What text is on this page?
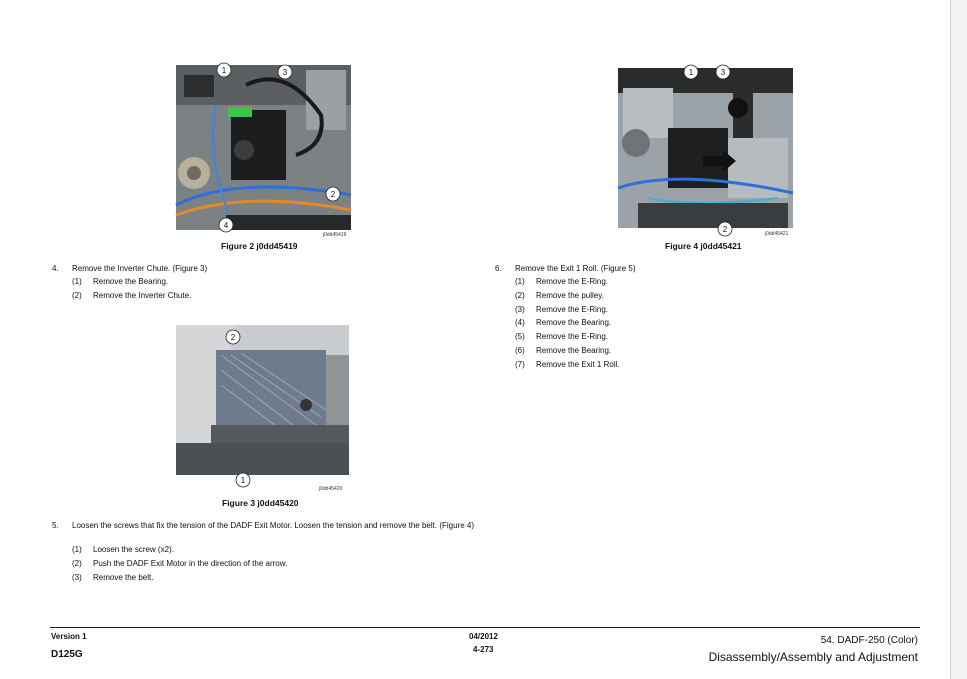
1	3
2
4
j0dd45419
Figure 2 j0dd45419
2
1
j0dd45420
Figure 3 j0dd45420
1	3
2	j0dd45421
Figure 4 j0dd45421
4. Remove the Inverter Chute. (Figure 3)
(1) Remove the Bearing.
(2) Remove the Inverter Chute.
5. Loosen the screws that fix the tension of the DADF Exit Motor. Loosen the tension and remove the belt. (Figure 4)
(1) Loosen the screw (x2).
(2) Push the DADF Exit Motor in the direction of the arrow.
(3) Remove the belt.
6. Remove the Exit 1 Roll. (Figure 5)
(1) Remove the E-Ring.
(2) Remove the pulley.
(3) Remove the E-Ring.
(4) Remove the Bearing.
(5) Remove the E-Ring.
(6) Remove the Bearing.
(7) Remove the Exit 1 Roll.
Version 1
D125G
04/2012
4-273
54. DADF-250 (Color)
Disassembly/Assembly and Adjustment
